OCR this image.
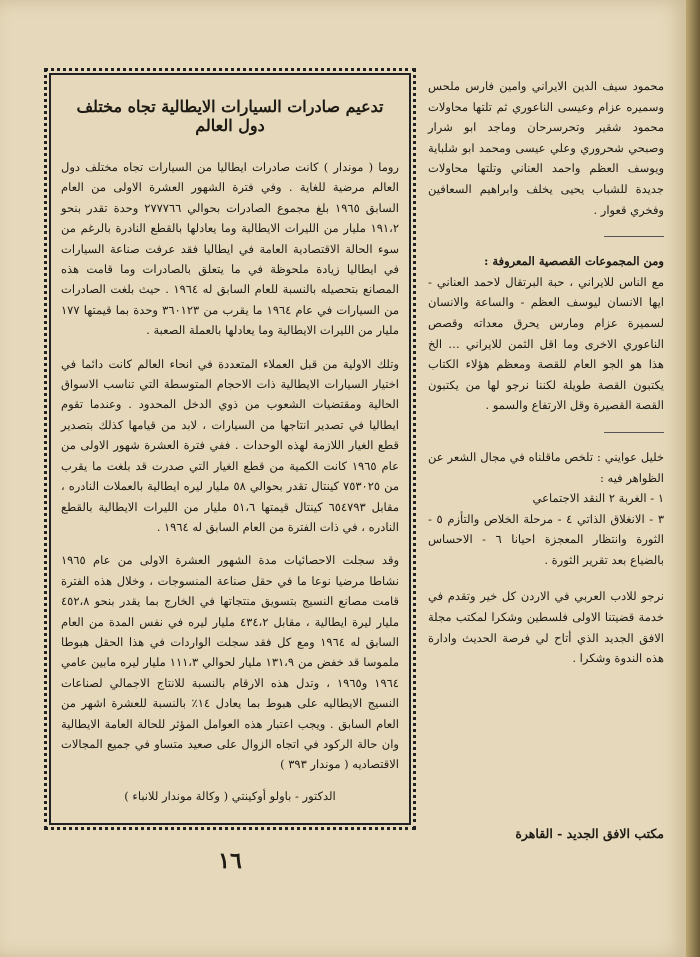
تدعيم صادرات السيارات الايطالية تجاه مختلف دول العالم

روما ( موندار ) كانت صادرات ايطاليا من السيارات تجاه مختلف دول العالم مرضية للغاية . وفي فترة الشهور العشرة الاولى من العام السابق ١٩٦٥ بلغ مجموع الصادرات بحوالي ٢٧٧٧٦٦ وحدة تقدر بنحو ١٩١،٢ مليار من الليرات الايطالية وما يعادلها بالقطع النادرة بالرغم من سوء الحالة الاقتصادية العامة في ايطاليا فقد عرفت صناعة السيارات في ايطاليا زيادة ملحوظة في ما يتعلق بالصادرات وما قامت هذه المصانع بتحصيله بالنسبة للعام السابق له ١٩٦٤ . حيث بلغت الصادرات من السيارات في عام ١٩٦٤ ما يقرب من ٣٦٠١٢٣ وحدة بما قيمتها ١٧٧ مليار من الليرات الايطالية وما يعادلها بالعملة الصعبة .

وتلك الاولية من قبل العملاء المتعددة في انحاء العالم كانت دائما في اختيار السيارات الايطالية ذات الاحجام المتوسطة التي تناسب الاسواق الحالية ومقتضيات الشعوب من ذوي الدخل المحدود . وعندما تقوم ايطاليا في تصدير انتاجها من السيارات ، لابد من قيامها كذلك بتصدير قطع الغيار اللازمة لهذه الوحدات . ففي فترة العشرة شهور الاولى من عام ١٩٦٥ كانت الكمية من قطع الغيار التي صدرت قد بلغت ما يقرب من ٧٥٣٠٢٥ كينتال تقدر بحوالي ٥٨ مليار ليره ايطالية بالعملات النادره ، مقابل ٦٥٤٧٩٣ كينتال قيمتها ٥١،٦ مليار من الليرات الايطالية بالقطع النادره ، في ذات الفترة من العام السابق له ١٩٦٤ .

وقد سجلت الاحصائيات مدة الشهور العشرة الاولى من عام ١٩٦٥ نشاطا مرضيا نوعا ما في حقل صناعة المنسوجات ، وخلال هذه الفترة قامت مصانع النسيج بتسويق منتجاتها في الخارج بما يقدر بنحو ٤٥٢،٨ مليار ليرة ايطالية ، مقابل ٤٣٤،٢ مليار ليره في نفس المدة من العام السابق له ١٩٦٤ ومع كل فقد سجلت الواردات في هذا الحقل هبوطا ملموسا قد خفض من ١٣١،٩ مليار لحوالي ١١١،٣ مليار ليره مابين عامي ١٩٦٤ و١٩٦٥ ، وتدل هذه الارقام بالنسبة للانتاج الاجمالي لصناعات النسيج الايطاليه على هبوط بما يعادل ١٤٪ بالنسبة للعشرة اشهر من العام السابق . ويجب اعتبار هذه العوامل المؤثر للحالة العامة الايطالية وان حالة الركود في اتجاه الزوال على صعيد متساو في جميع المجالات الاقتصاديه ( موندار ٣٩٣ )

الدكتور - باولو أوكينتي ( وكالة موندار للانباء )

محمود سيف الدين الايراني وامين فارس ملحس وسميره عزام وعيسى الناعوري ثم تلتها محاولات محمود شقير وتحرسرحان وماجد ابو شرار وصبحي شحروري وعلي عيسى ومحمد ابو شلباية ويوسف العظم واحمد العناني وتلتها محاولات جديدة للشباب يحيى يخلف وابراهيم السعافين وفخري قعوار .

ومن المجموعات القصصية المعروفة :
مع الناس للايراني ، حبة البرتقال لاحمد العناني - ايها الانسان ليوسف العظم - والساعة والانسان لسميرة عزام ومارس يحرق معداته وقصص الناعوري الاخرى وما اقل الثمن للايراني … الخ هذا هو الجو العام للقصة ومعظم هؤلاء الكتاب يكتبون القصة طويلة لكننا نرجو لها من يكتبون القصة القصيرة وقل الارتفاع والسمو .

خليل عوايني : تلخص ماقلناه في مجال الشعر عن الظواهر فيه :
١ - الغربة ٢ النقد الاجتماعي
٣ - الانغلاق الذاتي ٤ - مرحلة الخلاص والتأزم ٥ - الثورة وانتظار المعجزة احيانا ٦ - الاحساس بالضياع بعد تقرير الثورة .

نرجو للادب العربي في الاردن كل خير وتقدم في خدمة قضيتنا الاولى فلسطين وشكرا لمكتب مجلة الافق الجديد الذي أتاح لي فرصة الحديث وادارة هذه الندوة وشكرا .

مكتب الافق الجديد - القاهرة
١٦
